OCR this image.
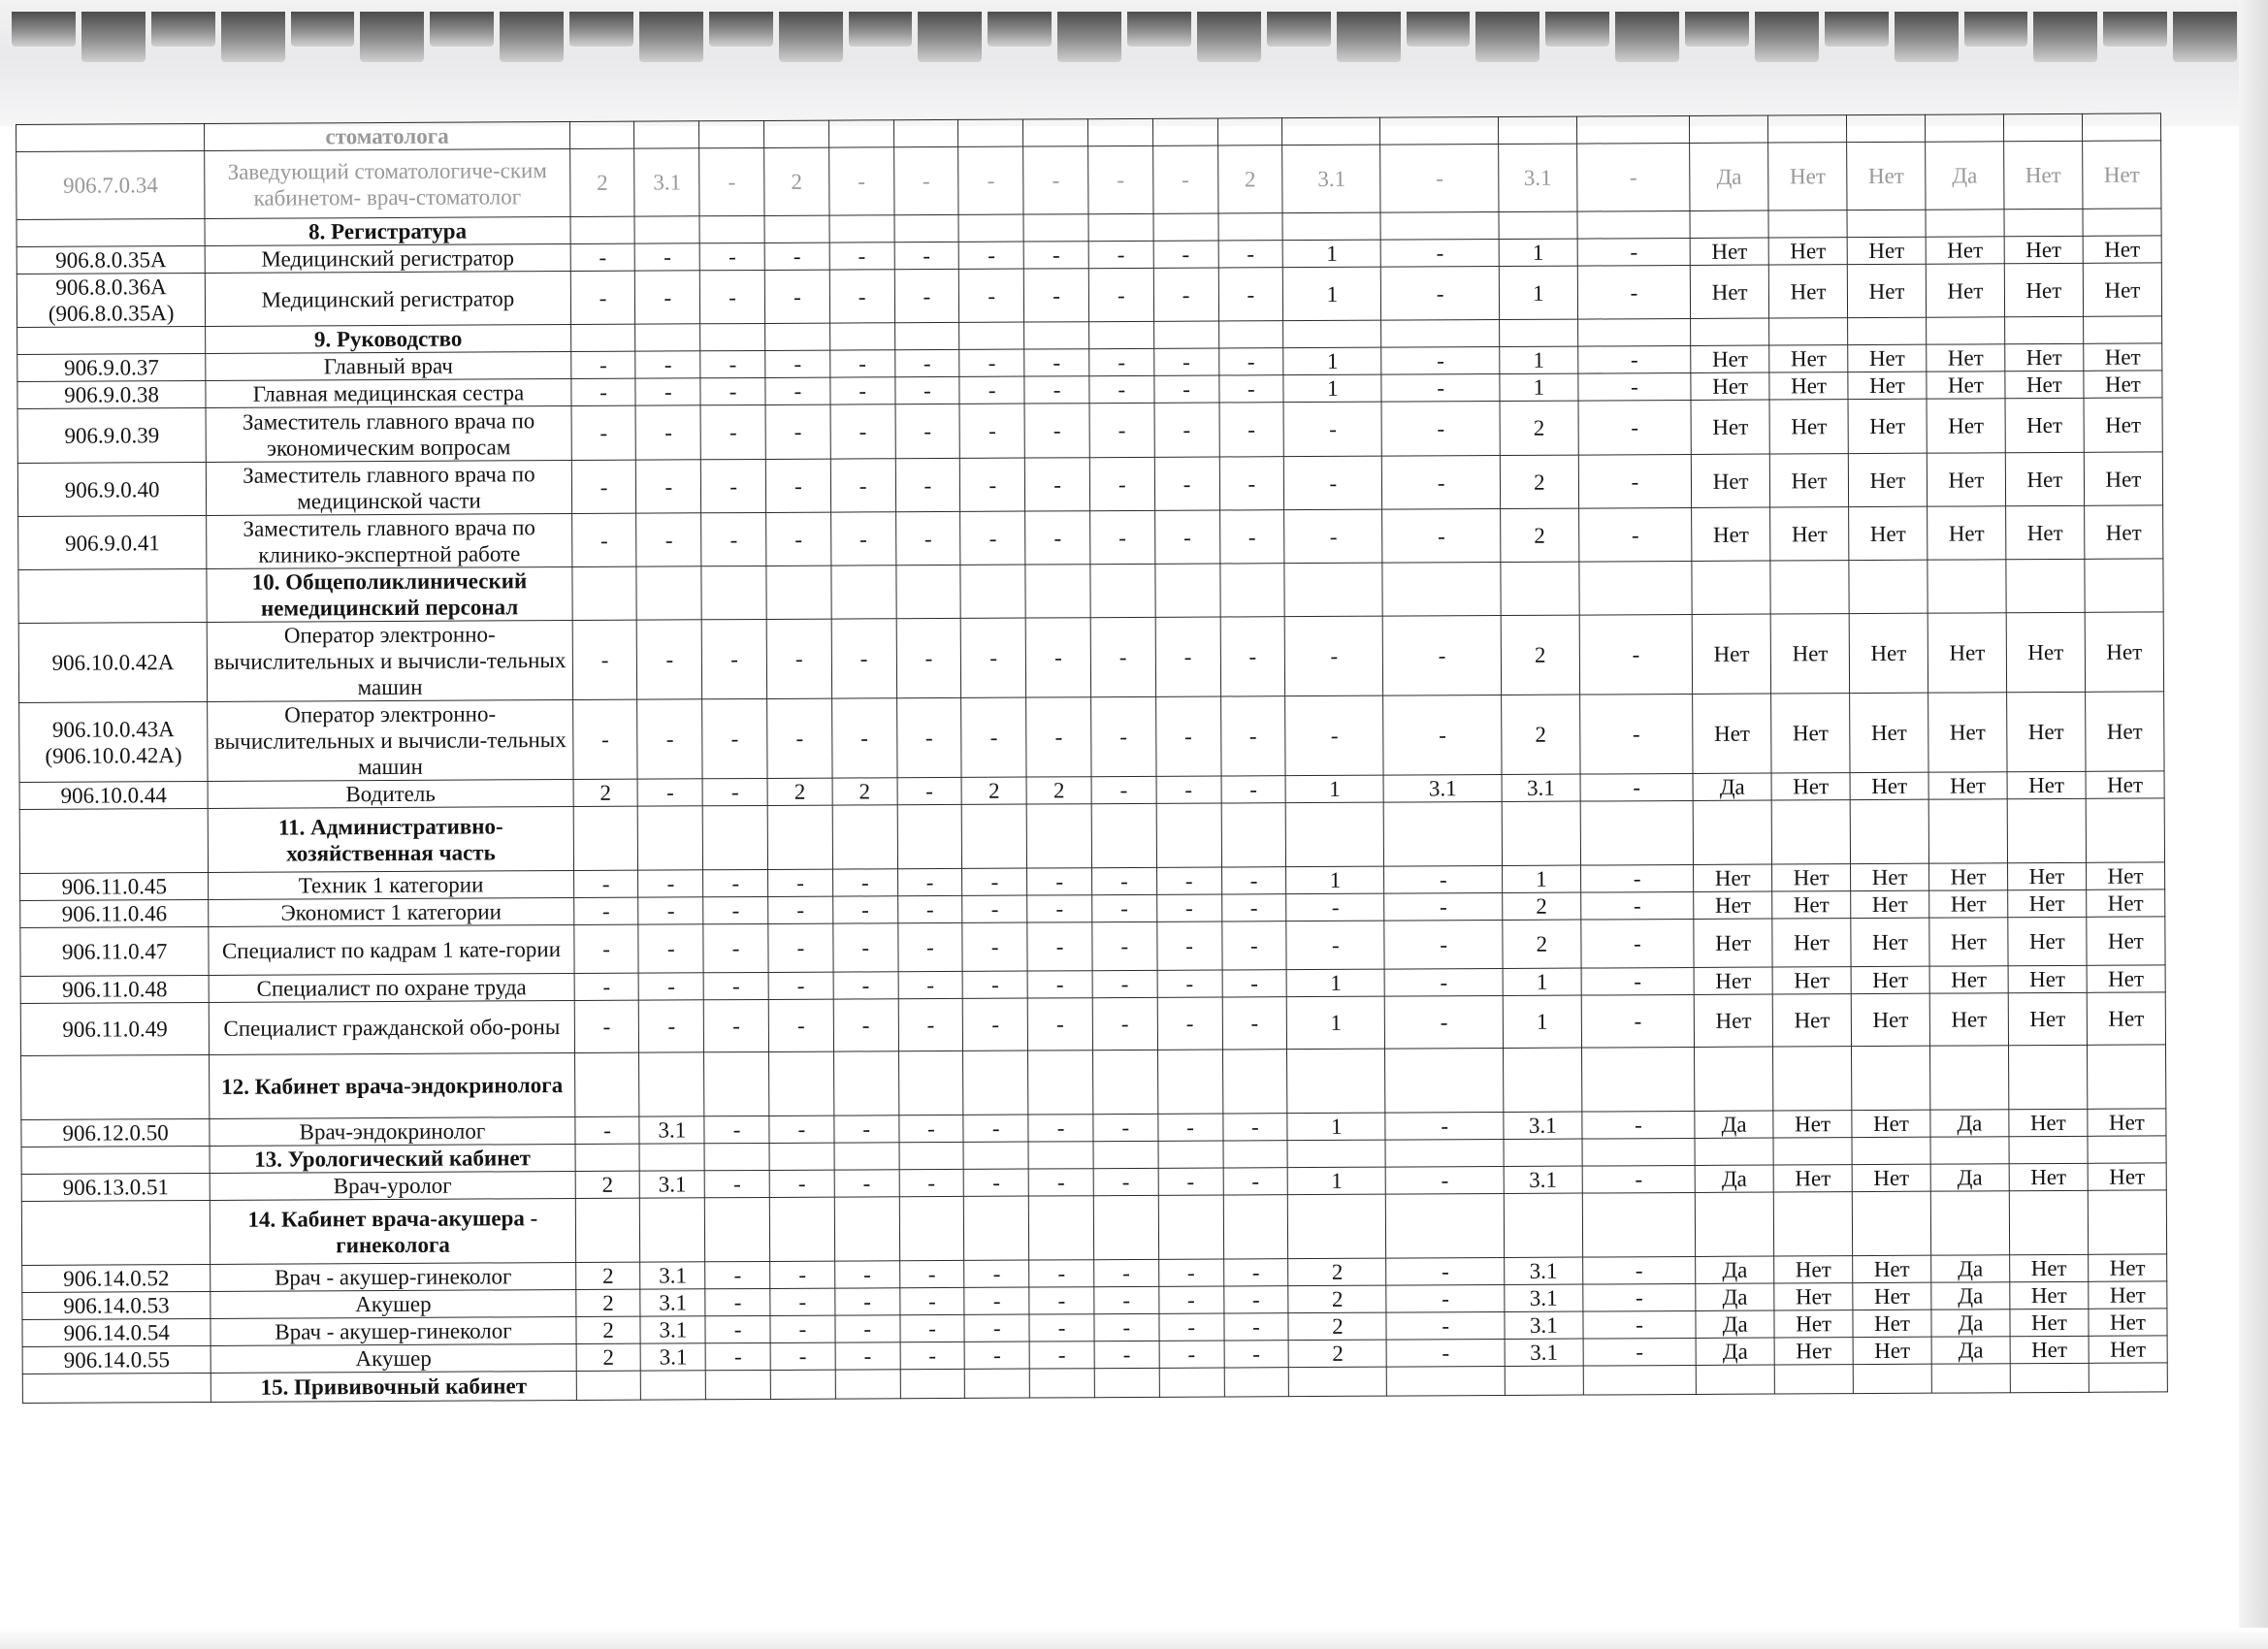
	стоматолога																					
906.7.0.34	Заведующий стоматологиче-ским кабинетом- врач-стоматолог	2	3.1	-	2	-	-	-	-	-	-	2	3.1	-	3.1	-	Да	Нет	Нет	Да	Нет	Нет
	8. Регистратура																					
906.8.0.35А	Медицинский регистратор	-	-	-	-	-	-	-	-	-	-	-	1	-	1	-	Нет	Нет	Нет	Нет	Нет	Нет
906.8.0.36А (906.8.0.35А)	Медицинский регистратор	-	-	-	-	-	-	-	-	-	-	-	1	-	1	-	Нет	Нет	Нет	Нет	Нет	Нет
	9. Руководство																					
906.9.0.37	Главный врач	-	-	-	-	-	-	-	-	-	-	-	1	-	1	-	Нет	Нет	Нет	Нет	Нет	Нет
906.9.0.38	Главная медицинская сестра	-	-	-	-	-	-	-	-	-	-	-	1	-	1	-	Нет	Нет	Нет	Нет	Нет	Нет
906.9.0.39	Заместитель главного врача по экономическим вопросам	-	-	-	-	-	-	-	-	-	-	-	-	-	2	-	Нет	Нет	Нет	Нет	Нет	Нет
906.9.0.40	Заместитель главного врача по медицинской части	-	-	-	-	-	-	-	-	-	-	-	-	-	2	-	Нет	Нет	Нет	Нет	Нет	Нет
906.9.0.41	Заместитель главного врача по клинико-экспертной работе	-	-	-	-	-	-	-	-	-	-	-	-	-	2	-	Нет	Нет	Нет	Нет	Нет	Нет
	10. Общеполиклинический немедицинский персонал																					
906.10.0.42А	Оператор электронно-вычислительных и вычисли-тельных машин	-	-	-	-	-	-	-	-	-	-	-	-	-	2	-	Нет	Нет	Нет	Нет	Нет	Нет
906.10.0.43А (906.10.0.42А)	Оператор электронно-вычислительных и вычисли-тельных машин	-	-	-	-	-	-	-	-	-	-	-	-	-	2	-	Нет	Нет	Нет	Нет	Нет	Нет
906.10.0.44	Водитель	2	-	-	2	2	-	2	2	-	-	-	1	3.1	3.1	-	Да	Нет	Нет	Нет	Нет	Нет
	11. Административно-хозяйственная часть																					
906.11.0.45	Техник 1 категории	-	-	-	-	-	-	-	-	-	-	-	1	-	1	-	Нет	Нет	Нет	Нет	Нет	Нет
906.11.0.46	Экономист 1 категории	-	-	-	-	-	-	-	-	-	-	-	-	-	2	-	Нет	Нет	Нет	Нет	Нет	Нет
906.11.0.47	Специалист по кадрам 1 кате-гории	-	-	-	-	-	-	-	-	-	-	-	-	-	2	-	Нет	Нет	Нет	Нет	Нет	Нет
906.11.0.48	Специалист по охране труда	-	-	-	-	-	-	-	-	-	-	-	1	-	1	-	Нет	Нет	Нет	Нет	Нет	Нет
906.11.0.49	Специалист гражданской обо-роны	-	-	-	-	-	-	-	-	-	-	-	1	-	1	-	Нет	Нет	Нет	Нет	Нет	Нет
	12. Кабинет врача-эндокринолога																					
906.12.0.50	Врач-эндокринолог	-	3.1	-	-	-	-	-	-	-	-	-	1	-	3.1	-	Да	Нет	Нет	Да	Нет	Нет
	13. Урологический кабинет																					
906.13.0.51	Врач-уролог	2	3.1	-	-	-	-	-	-	-	-	-	1	-	3.1	-	Да	Нет	Нет	Да	Нет	Нет
	14. Кабинет врача-акушера - гинеколога																					
906.14.0.52	Врач - акушер-гинеколог	2	3.1	-	-	-	-	-	-	-	-	-	2	-	3.1	-	Да	Нет	Нет	Да	Нет	Нет
906.14.0.53	Акушер	2	3.1	-	-	-	-	-	-	-	-	-	2	-	3.1	-	Да	Нет	Нет	Да	Нет	Нет
906.14.0.54	Врач - акушер-гинеколог	2	3.1	-	-	-	-	-	-	-	-	-	2	-	3.1	-	Да	Нет	Нет	Да	Нет	Нет
906.14.0.55	Акушер	2	3.1	-	-	-	-	-	-	-	-	-	2	-	3.1	-	Да	Нет	Нет	Да	Нет	Нет
	15. Прививочный кабинет																					
